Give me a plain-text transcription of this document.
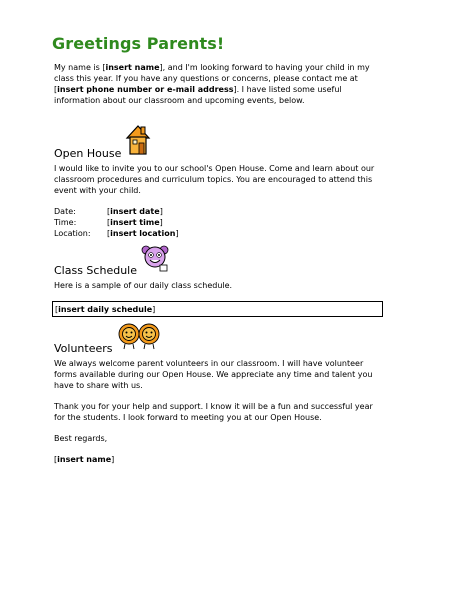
Greetings Parents!

My name is [insert name], and I'm looking forward to having your child in my class this year. If you have any questions or concerns, please contact me at [insert phone number or e-mail address]. I have listed some useful information about our classroom and upcoming events, below.

Open House

I would like to invite you to our school's Open House. Come and learn about our classroom procedures and curriculum topics. You are encouraged to attend this event with your child.

Date:	[insert date]
Time:	[insert time]
Location:	[insert location]
Class Schedule

Here is a sample of our daily class schedule.

[insert daily schedule]
Volunteers

We always welcome parent volunteers in our classroom. I will have volunteer forms available during our Open House. We appreciate any time and talent you have to share with us.

Thank you for your help and support. I know it will be a fun and successful year for the students. I look forward to meeting you at our Open House.

Best regards,

[insert name]
